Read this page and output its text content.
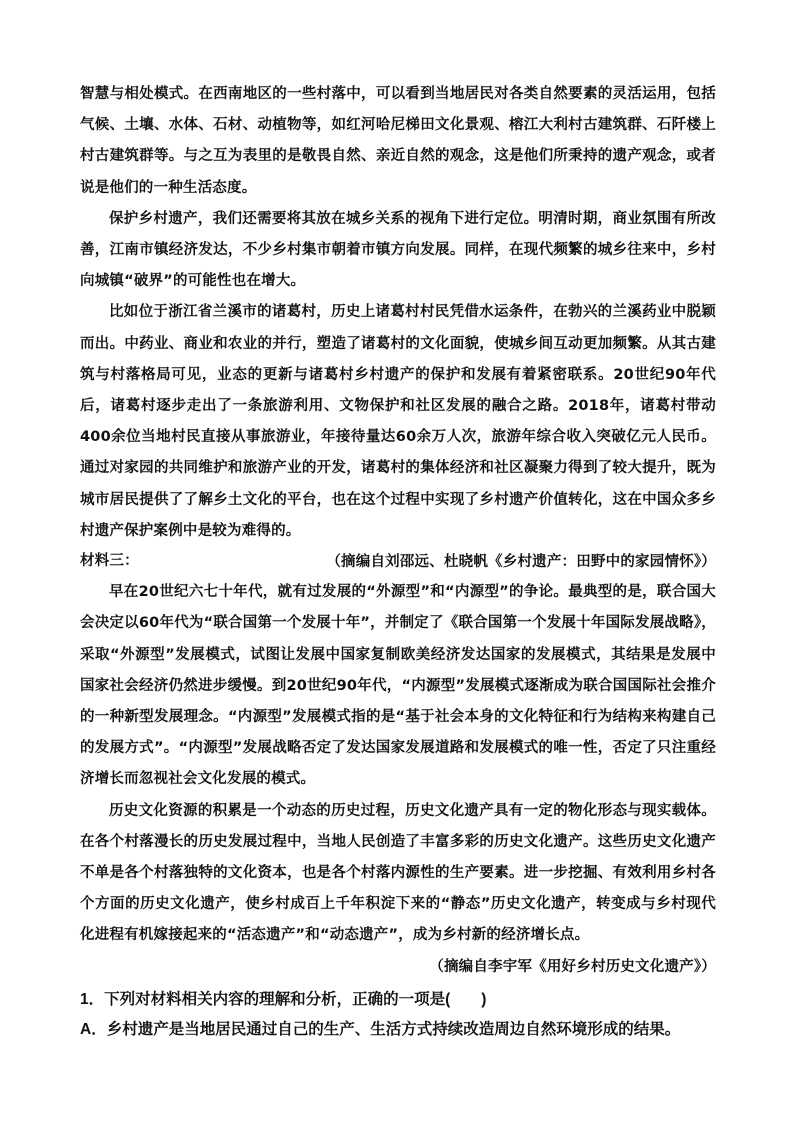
智慧与相处模式。在西南地区的一些村落中，可以看到当地居民对各类自然要素的灵活运用，包括气候、土壤、水体、石材、动植物等，如红河哈尼梯田文化景观、榕江大利村古建筑群、石阡楼上村古建筑群等。与之互为表里的是敬畏自然、亲近自然的观念，这是他们所秉持的遗产观念，或者说是他们的一种生活态度。

保护乡村遗产，我们还需要将其放在城乡关系的视角下进行定位。明清时期，商业氛围有所改善，江南市镇经济发达，不少乡村集市朝着市镇方向发展。同样，在现代频繁的城乡往来中，乡村向城镇“破界”的可能性也在增大。

比如位于浙江省兰溪市的诸葛村，历史上诸葛村村民凭借水运条件，在勃兴的兰溪药业中脱颖而出。中药业、商业和农业的并行，塑造了诸葛村的文化面貌，使城乡间互动更加频繁。从其古建筑与村落格局可见，业态的更新与诸葛村乡村遗产的保护和发展有着紧密联系。20世纪90年代后，诸葛村逐步走出了一条旅游利用、文物保护和社区发展的融合之路。2018年，诸葛村带动400余位当地村民直接从事旅游业，年接待量达60余万人次，旅游年综合收入突破亿元人民币。通过对家园的共同维护和旅游产业的开发，诸葛村的集体经济和社区凝聚力得到了较大提升，既为城市居民提供了了解乡土文化的平台，也在这个过程中实现了乡村遗产价值转化，这在中国众多乡村遗产保护案例中是较为难得的。

（摘编自刘邵远、杜晓帆《乡村遗产：田野中的家园情怀》）

材料三：

早在20世纪六七十年代，就有过发展的“外源型”和“内源型”的争论。最典型的是，联合国大会决定以60年代为“联合国第一个发展十年”，并制定了《联合国第一个发展十年国际发展战略》，采取“外源型”发展模式，试图让发展中国家复制欧美经济发达国家的发展模式，其结果是发展中国家社会经济仍然进步缓慢。到20世纪90年代，“内源型”发展模式逐渐成为联合国国际社会推介的一种新型发展理念。“内源型”发展模式指的是“基于社会本身的文化特征和行为结构来构建自己的发展方式”。“内源型”发展战略否定了发达国家发展道路和发展模式的唯一性，否定了只注重经济增长而忽视社会文化发展的模式。

历史文化资源的积累是一个动态的历史过程，历史文化遗产具有一定的物化形态与现实载体。在各个村落漫长的历史发展过程中，当地人民创造了丰富多彩的历史文化遗产。这些历史文化遗产不单是各个村落独特的文化资本，也是各个村落内源性的生产要素。进一步挖掘、有效利用乡村各个方面的历史文化遗产，使乡村成百上千年积淀下来的“静态”历史文化遗产，转变成与乡村现代化进程有机嫁接起来的“活态遗产”和“动态遗产”，成为乡村新的经济增长点。

（摘编自李宇军《用好乡村历史文化遗产》）

1．下列对材料相关内容的理解和分析，正确的一项是(　　)

A．乡村遗产是当地居民通过自己的生产、生活方式持续改造周边自然环境形成的结果。
